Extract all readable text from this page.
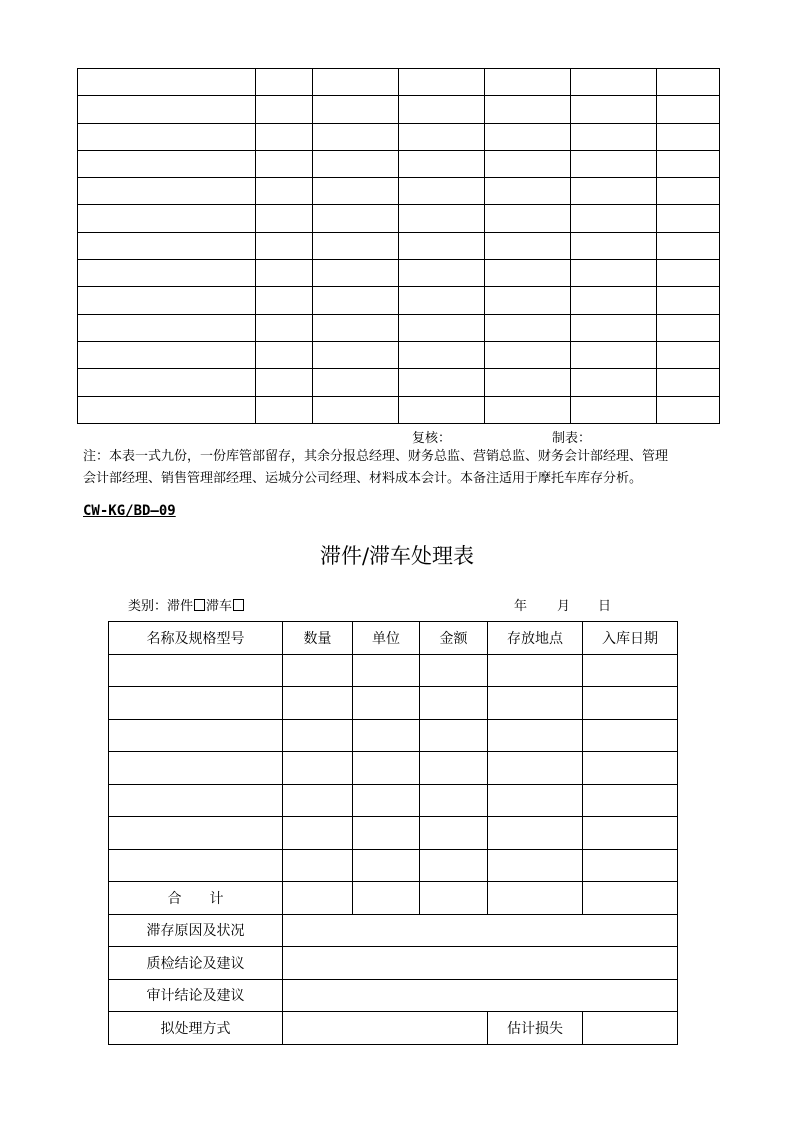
复核：	制表：
注：本表一式九份，一份库管部留存，其余分报总经理、财务总监、营销总监、财务会计部经理、管理
会计部经理、销售管理部经理、运城分公司经理、材料成本会计。本备注适用于摩托车库存分析。
CW-KG/BD—09
滞件/滞车处理表
类别：滞件 滞车	年 月 日
名称及规格型号	数量	单位	金额	存放地点	入库日期

合　　计					
滞存原因及状况					
质检结论及建议					
审计结论及建议					
拟处理方式				估计损失	
